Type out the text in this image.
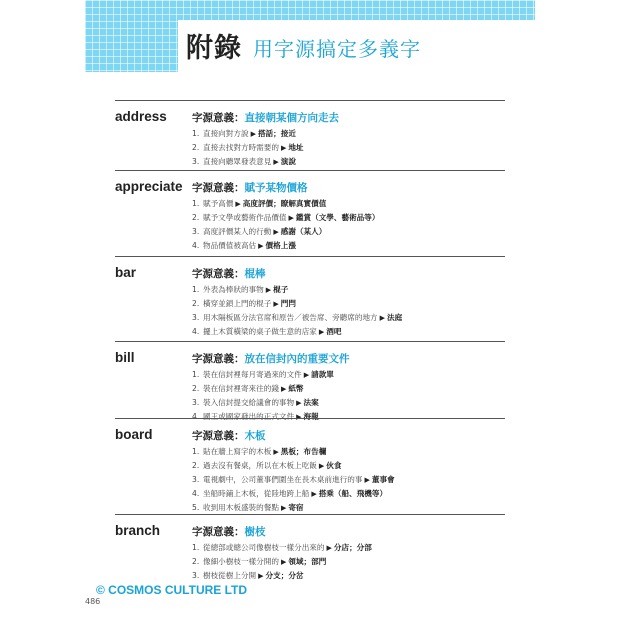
附錄 用字源搞定多義字
address 字源意義：直接朝某個方向走去
1. 直接向對方說 ▶ 搭話；接近
2. 直接去找對方時需要的 ▶ 地址
3. 直接向聽眾發表意見 ▶ 演說
appreciate 字源意義：賦予某物價格
1. 賦予高價 ▶ 高度評價；瞭解真實價值
2. 賦予文學或藝術作品價值 ▶ 鑑賞（文學、藝術品等）
3. 高度評價某人的行動 ▶ 感謝（某人）
4. 物品價值被高估 ▶ 價格上漲
bar	字源意義：棍棒
1. 外表為棒狀的事物 ▶ 棍子
2. 橫穿並鎖上門的棍子 ▶ 門閂
3. 用木隔板區分法官席和原告／被告席、旁聽席的地方 ▶ 法庭
4. 擺上木質橫梁的桌子做生意的店家 ▶ 酒吧
bill	字源意義：放在信封內的重要文件
1. 裝在信封裡每月寄過來的文件 ▶ 請款單
2. 裝在信封裡寄來往的錢 ▶ 紙幣
3. 裝入信封提交給議會的事物 ▶ 法案
4. 國王或國家發出的正式文件 ▶ 海報
board	字源意義：木板
1. 貼在牆上寫字的木板 ▶ 黑板；布告欄
2. 過去沒有餐桌，所以在木板上吃飯 ▶ 伙食
3. 電視劇中，公司董事們圍坐在長木桌前進行的事 ▶ 董事會
4. 坐船時鋪上木板，從陸地跨上船 ▶ 搭乘（船、飛機等）
5. 收到用木板盛裝的餐點 ▶ 寄宿
branch	字源意義：樹枝
1. 從總部或總公司像樹枝一樣分出來的 ▶ 分店；分部
2. 像細小樹枝一樣分開的 ▶ 領域；部門
3. 樹枝從樹上分開 ▶ 分支；分岔
© COSMOS CULTURE LTD
486
